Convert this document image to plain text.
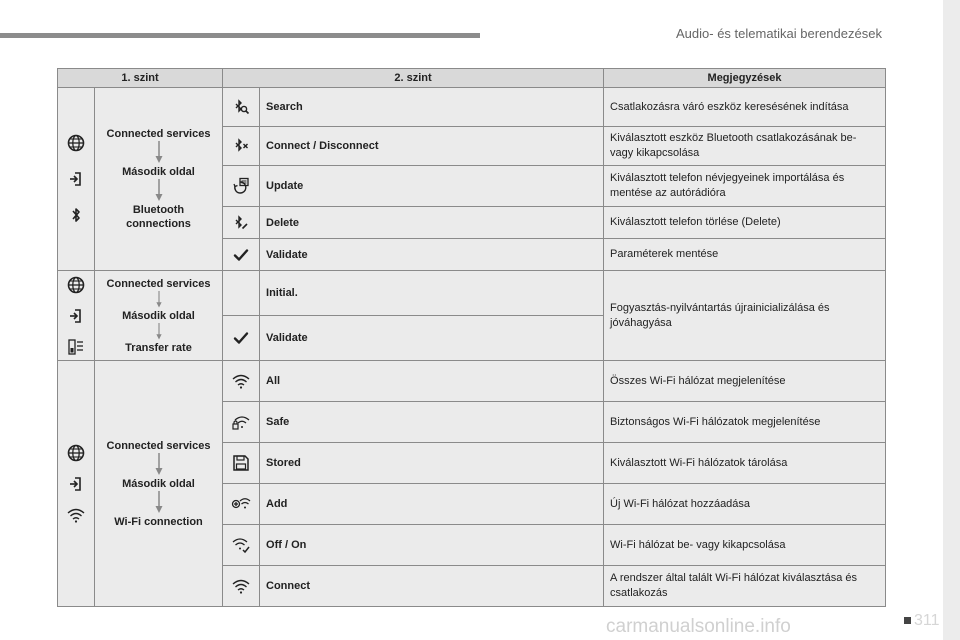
Audio- és telematikai berendezések
1. szint		2. szint		Megjegyzések

Connected services
Második oldal
Bluetooth connections		Search	Csatlakozásra váró eszköz keresésének indítása

	Connect / Disconnect	Kiválasztott eszköz Bluetooth csatlakozásának be- vagy kikapcsolása

	Update	Kiválasztott telefon névjegyeinek importálása és mentése az autórádióra

	Delete	Kiválasztott telefon törlése (Delete)

	Validate	Paraméterek mentése

Connected services
Második oldal
Transfer rate		Initial.	Fogyasztás-nyilvántartás újrainicializálása és jóváhagyása

	Validate	

Connected services
Második oldal
Wi-Fi connection		All	Összes Wi-Fi hálózat megjelenítése

	Safe	Biztonságos Wi-Fi hálózatok megjelenítése

	Stored	Kiválasztott Wi-Fi hálózatok tárolása

	Add	Új Wi-Fi hálózat hozzáadása

	Off / On	Wi-Fi hálózat be- vagy kikapcsolása

	Connect	A rendszer által talált Wi-Fi hálózat kiválasztása és csatlakozás
311
carmanualsonline.info
